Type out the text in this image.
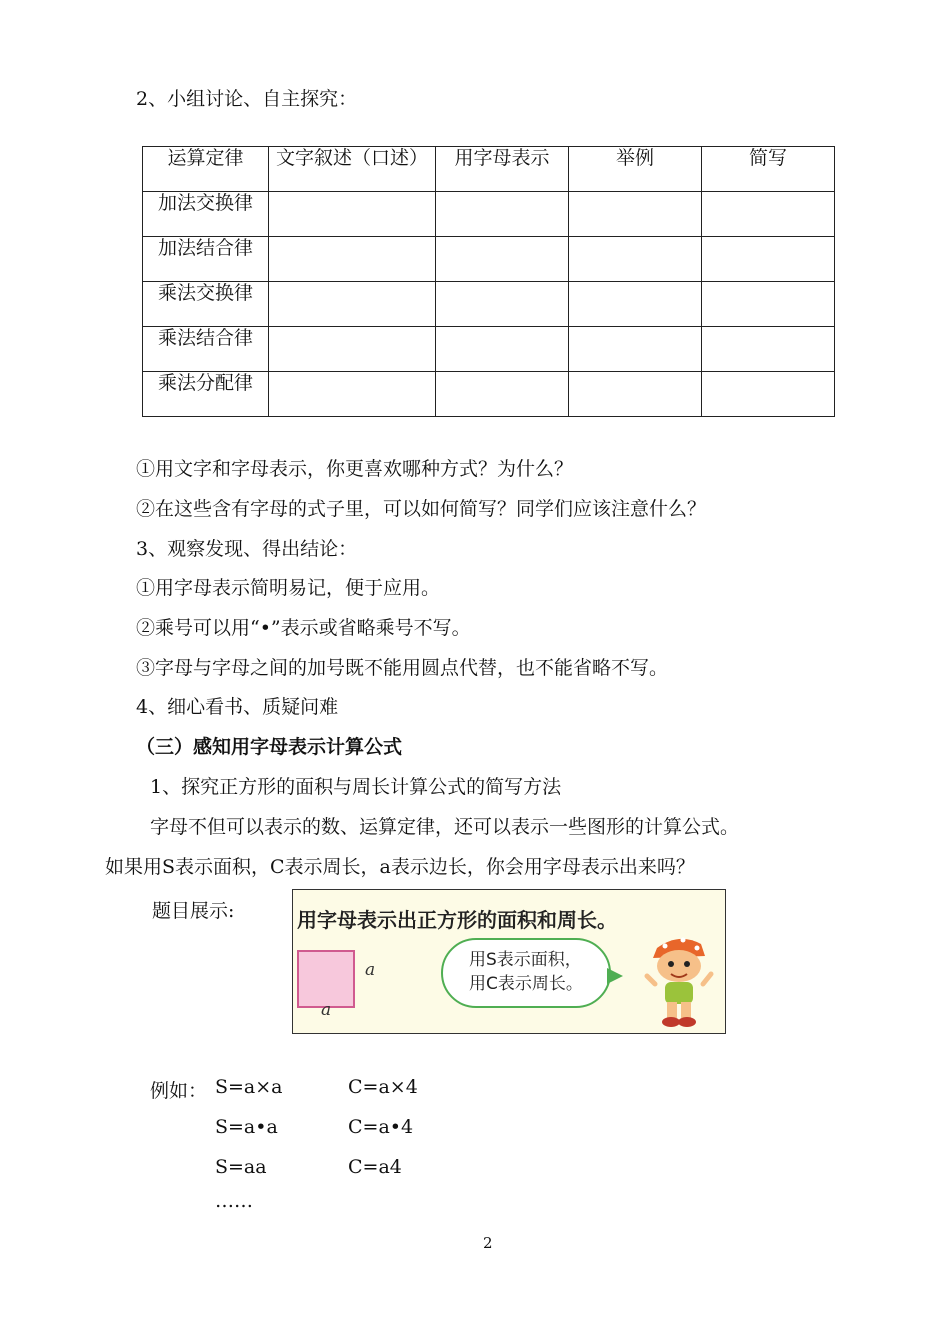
2、小组讨论、自主探究：
运算定律	文字叙述（口述）	用字母表示	举例	简写
加法交换律				
加法结合律				
乘法交换律				
乘法结合律				
乘法分配律				
①用文字和字母表示，你更喜欢哪种方式？为什么？
②在这些含有字母的式子里，可以如何简写？同学们应该注意什么？
3、观察发现、得出结论：
①用字母表示简明易记，便于应用。
②乘号可以用“•”表示或省略乘号不写。
③字母与字母之间的加号既不能用圆点代替，也不能省略不写。
4、细心看书、质疑问难
（三）感知用字母表示计算公式
1、探究正方形的面积与周长计算公式的简写方法
字母不但可以表示的数、运算定律，还可以表示一些图形的计算公式。
如果用S表示面积，C表示周长，a表示边长，你会用字母表示出来吗？
题目展示:	用字母表示出正方形的面积和周长。
a
a
用S表示面积，
用C表示周长。
例如： S=a×a	C=a×4
S=a•a	C=a•4
S=aa	C=a4
……
2
